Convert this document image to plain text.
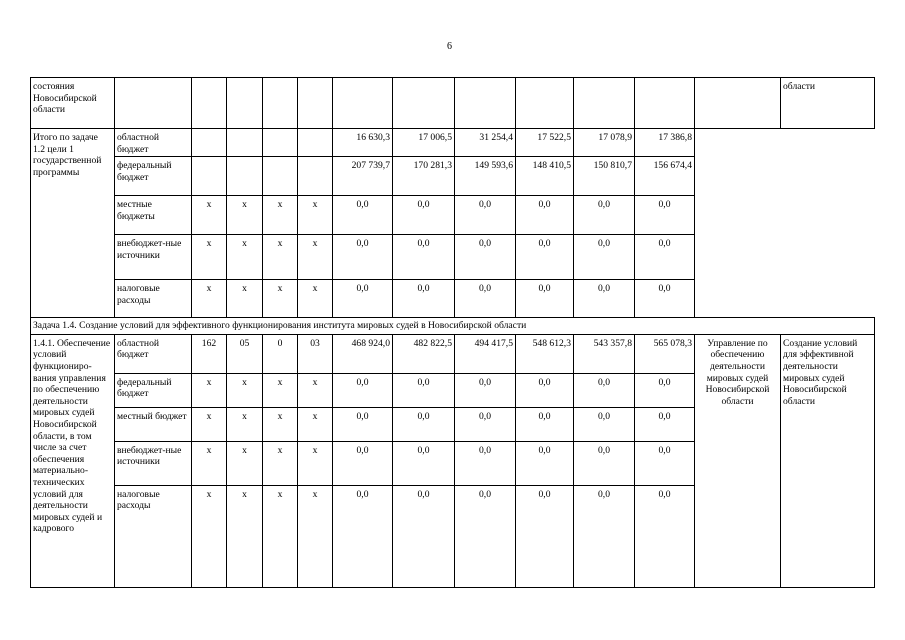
6
состояния Новосибирской области													области
Итого по задаче 1.2 цели 1 государственной программы	областной бюджет					16 630,3	17 006,5	31 254,4	17 522,5	17 078,9	17 386,8		
	федеральный бюджет					207 739,7	170 281,3	149 593,6	148 410,5	150 810,7	156 674,4		
	местные бюджеты	x	x	x	x	0,0	0,0	0,0	0,0	0,0	0,0		
	внебюджет-ные источники	x	x	x	x	0,0	0,0	0,0	0,0	0,0	0,0		
	налоговые расходы	x	x	x	x	0,0	0,0	0,0	0,0	0,0	0,0		
Задача 1.4. Создание условий для эффективного функционирования института мировых судей в Новосибирской области													
1.4.1. Обеспечение условий функциониро-вания управления по обеспечению деятельности мировых судей Новосибирской области, в том числе за счет обеспечения материально-технических условий для деятельности мировых судей и кадрового	областной бюджет	162	05	0	03	468 924,0	482 822,5	494 417,5	548 612,3	543 357,8	565 078,3	Управление по обеспечению деятельности мировых судей Новосибирской области	Создание условий для эффективной деятельности мировых судей Новосибирской области
	федеральный бюджет	x	x	x	x	0,0	0,0	0,0	0,0	0,0	0,0		
	местный бюджет	x	x	x	x	0,0	0,0	0,0	0,0	0,0	0,0		
	внебюджет-ные источники	x	x	x	x	0,0	0,0	0,0	0,0	0,0	0,0		
	налоговые расходы	x	x	x	x	0,0	0,0	0,0	0,0	0,0	0,0		
